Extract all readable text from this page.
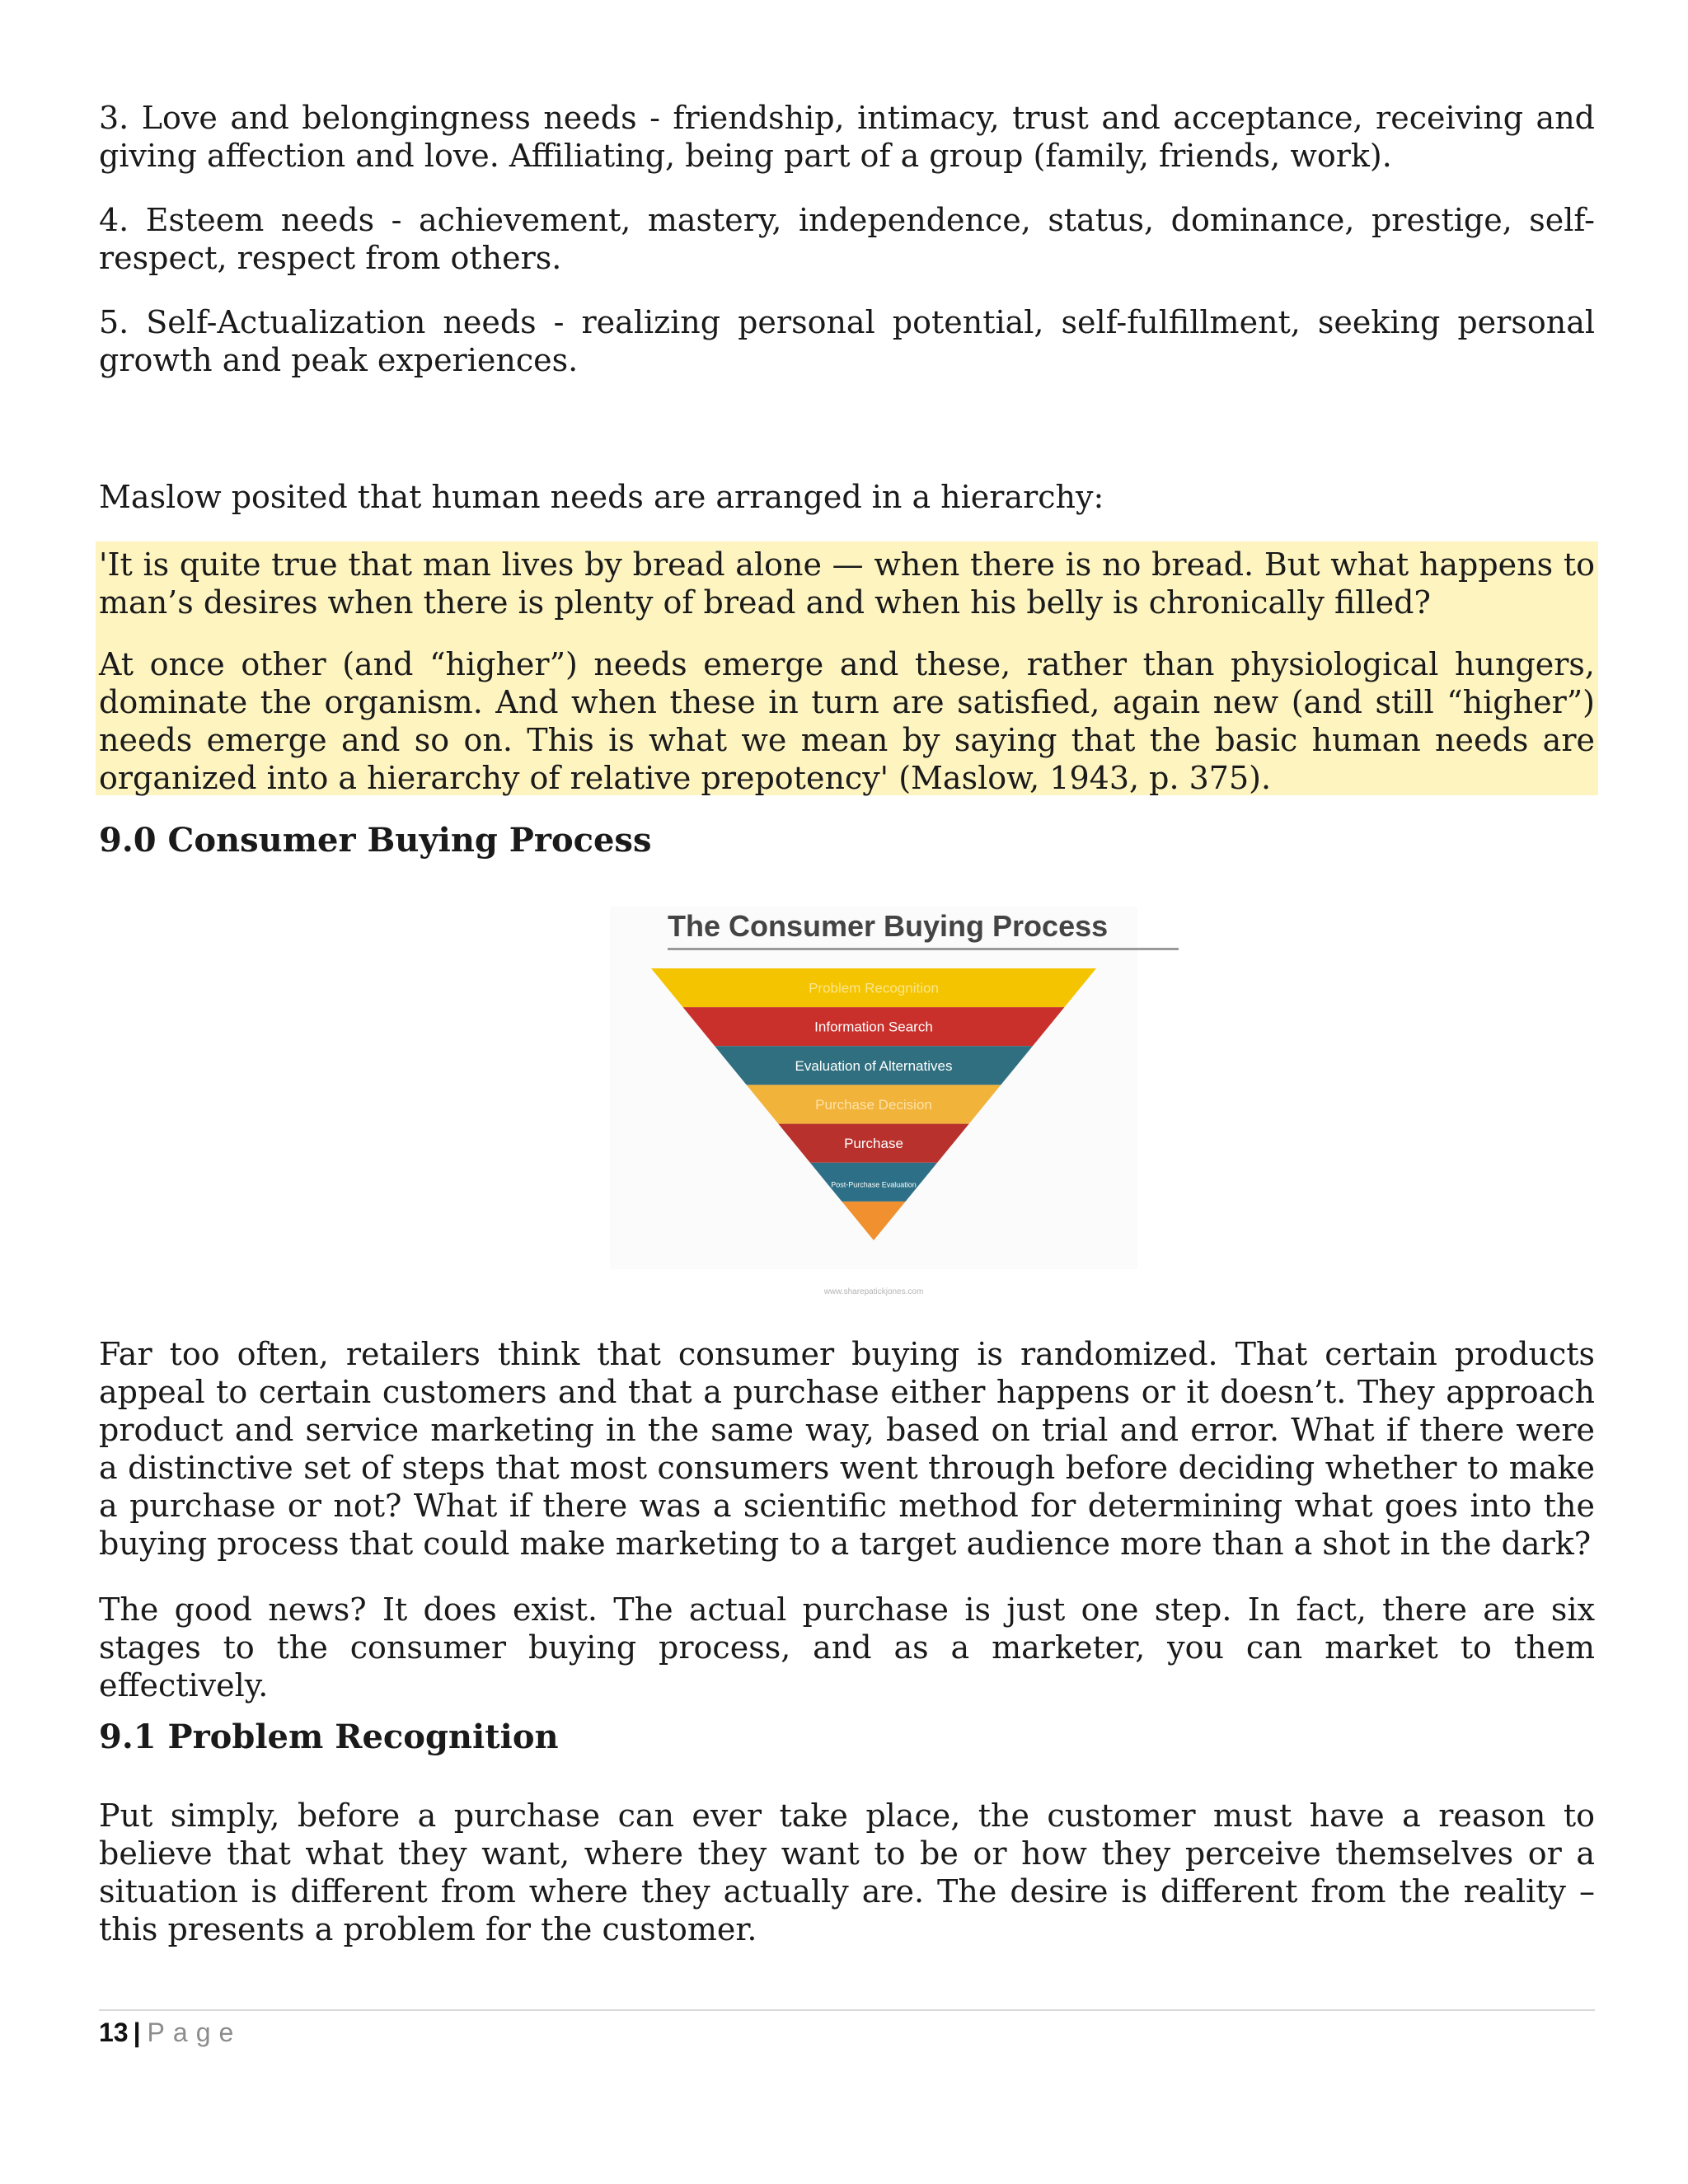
3. Love and belongingness needs - friendship, intimacy, trust and acceptance, receiving and giving affection and love. Affiliating, being part of a group (family, friends, work).

4. Esteem needs - achievement, mastery, independence, status, dominance, prestige, self-respect, respect from others.

5. Self-Actualization needs - realizing personal potential, self-fulfillment, seeking personal growth and peak experiences.

Maslow posited that human needs are arranged in a hierarchy:

'It is quite true that man lives by bread alone — when there is no bread. But what happens to man’s desires when there is plenty of bread and when his belly is chronically filled?

At once other (and “higher”) needs emerge and these, rather than physiological hungers, dominate the organism. And when these in turn are satisfied, again new (and still “higher”) needs emerge and so on. This is what we mean by saying that the basic human needs are organized into a hierarchy of relative prepotency' (Maslow, 1943, p. 375).

9.0 Consumer Buying Process
The Consumer Buying Process
Problem Recognition
Information Search
Evaluation of Alternatives
Purchase Decision
Purchase
Post-Purchase Evaluation
www.sharepatickjones.com

Far too often, retailers think that consumer buying is randomized. That certain products appeal to certain customers and that a purchase either happens or it doesn’t. They approach product and service marketing in the same way, based on trial and error. What if there were a distinctive set of steps that most consumers went through before deciding whether to make a purchase or not? What if there was a scientific method for determining what goes into the buying process that could make marketing to a target audience more than a shot in the dark?

The good news? It does exist. The actual purchase is just one step. In fact, there are six stages to the consumer buying process, and as a marketer, you can market to them effectively.

9.1 Problem Recognition

Put simply, before a purchase can ever take place, the customer must have a reason to believe that what they want, where they want to be or how they perceive themselves or a situation is different from where they actually are. The desire is different from the reality – this presents a problem for the customer.

13 | Page
